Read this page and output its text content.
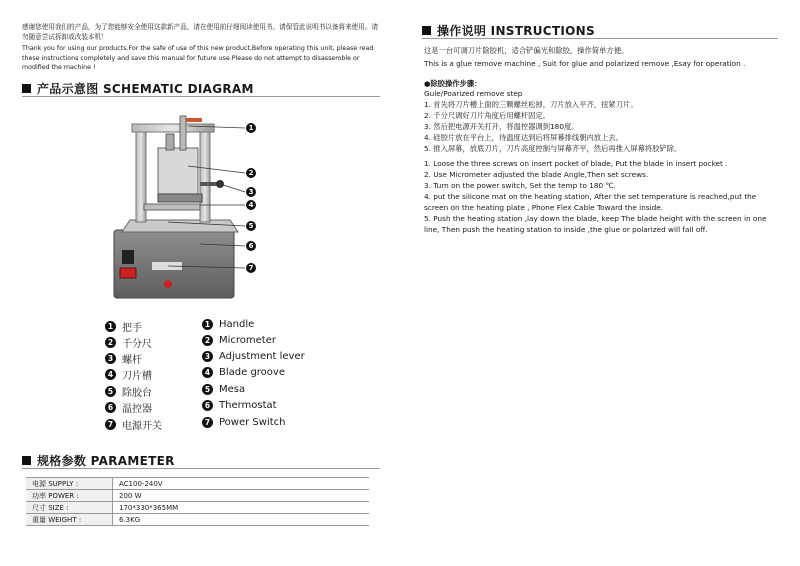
感谢您使用我们的产品，为了您能够安全使用这款新产品，请在使用前仔细阅读使用书。请保管此说明书以备将来使用。请勿随意尝试拆卸或改装本机！
Thank you for using our products.For the safe of use of this new product,Before operating this unit, please read these instructions completely and save this manual for future use.Please do not attempt to disassemble or modified the machine !
产品示意图 SCHEMATIC DIAGRAM
1
2
3
4
5
6
7
1 把手
2 千分尺
3 螺杆
4 刀片槽
5 除胶台
6 温控器
7 电源开关
1 Handle
2 Micrometer
3 Adjustment lever
4 Blade groove
5 Mesa
6 Thermostat
7 Power Switch
规格参数 PARAMETER
电源 SUPPLY :	AC100-240V
功率 POWER :	200 W
尺寸 SIZE :	170*330*365MM
重量 WEIGHT :	6.3KG
操作说明 INSTRUCTIONS
这是一台可调刀片除胶机，适合铲偏光和除胶，操作简单方便。
This is a glue remove machine , Suit for glue and polarized remove ,Esay for operation .
●除胶操作步骤：
Gule/Poarized remove step
1. 首先将刀片槽上面的三颗螺丝松掉，刀片放入平齐，扭紧刀片。
2. 千分尺调好刀片角度后用螺杆固定。
3. 然后把电源开关打开，将温控器调到180度。
4. 硅胶片放在平台上，待温度达到后将屏幕排线朝内放上去。
5. 推入屏幕，放底刀片，刀片高度控制与屏幕齐平，然后再推入屏幕将胶铲除。
1. Loose the three screws on insert pocket of blade, Put the blade in insert pocket .
2. Use Micrometer adjusted the blade Angle,Then set screws.
3. Turn on the power switch, Set the temp to 180 ℃.
4. put the silicone mat on the heating station, After the set temperature is reached,put the screen on the heating plate , Phone Flex Cable Toward the inside.
5. Push the heating station ,lay down the blade, keep The blade height with the screen in one line, Then push the heating station to inside ,the glue or polarized will fall off.
